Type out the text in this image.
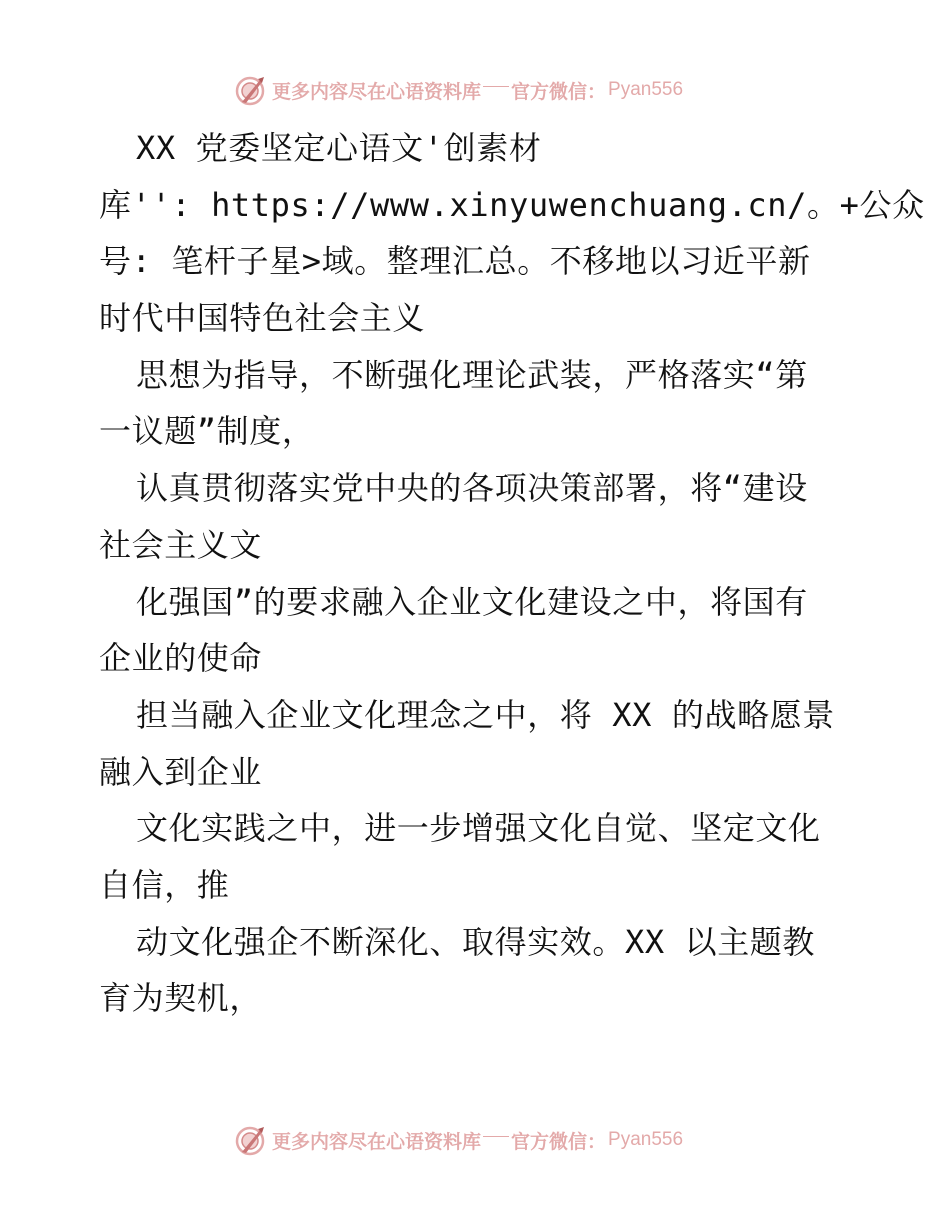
更多内容尽在心语资料库 官方微信： Pyan556
XX 党委坚定心语文'创素材
库'': https://www.xinyuwenchuang.cn/。+公众
号: 笔杆子星>域。整理汇总。不移地以习近平新
时代中国特色社会主义
思想为指导，不断强化理论武装，严格落实“第
一议题”制度，
认真贯彻落实党中央的各项决策部署，将“建设
社会主义文
化强国”的要求融入企业文化建设之中，将国有
企业的使命
担当融入企业文化理念之中，将 XX 的战略愿景
融入到企业
文化实践之中，进一步增强文化自觉、坚定文化
自信，推
动文化强企不断深化、取得实效。XX 以主题教
育为契机，
更多内容尽在心语资料库 官方微信： Pyan556
